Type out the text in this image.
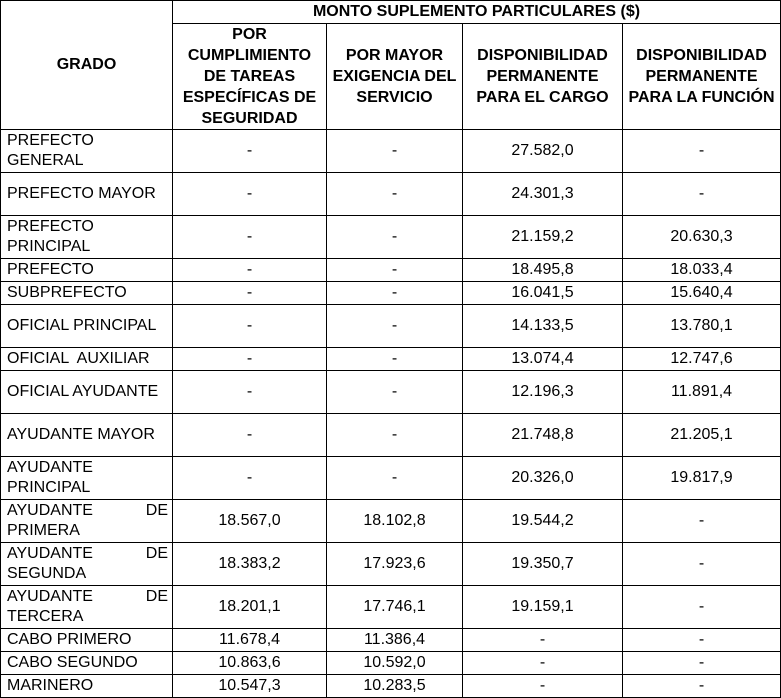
GRADO	MONTO SUPLEMENTO PARTICULARES ($)			
	POR CUMPLIMIENTO DE TAREAS ESPECÍFICAS DE SEGURIDAD	POR MAYOR EXIGENCIA DEL SERVICIO	DISPONIBILIDAD PERMANENTE PARA EL CARGO	DISPONIBILIDAD PERMANENTE PARA LA FUNCIÓN
PREFECTO GENERAL	-	-	27.582,0	-
PREFECTO MAYOR	-	-	24.301,3	-
PREFECTO PRINCIPAL	-	-	21.159,2	20.630,3
PREFECTO	-	-	18.495,8	18.033,4
SUBPREFECTO	-	-	16.041,5	15.640,4
OFICIAL PRINCIPAL	-	-	14.133,5	13.780,1
OFICIAL  AUXILIAR	-	-	13.074,4	12.747,6
OFICIAL AYUDANTE	-	-	12.196,3	11.891,4
AYUDANTE MAYOR	-	-	21.748,8	21.205,1
AYUDANTE PRINCIPAL	-	-	20.326,0	19.817,9
AYUDANTE DE PRIMERA	18.567,0	18.102,8	19.544,2	-
AYUDANTE DE SEGUNDA	18.383,2	17.923,6	19.350,7	-
AYUDANTE DE TERCERA	18.201,1	17.746,1	19.159,1	-
CABO PRIMERO	11.678,4	11.386,4	-	-
CABO SEGUNDO	10.863,6	10.592,0	-	-
MARINERO	10.547,3	10.283,5	-	-
